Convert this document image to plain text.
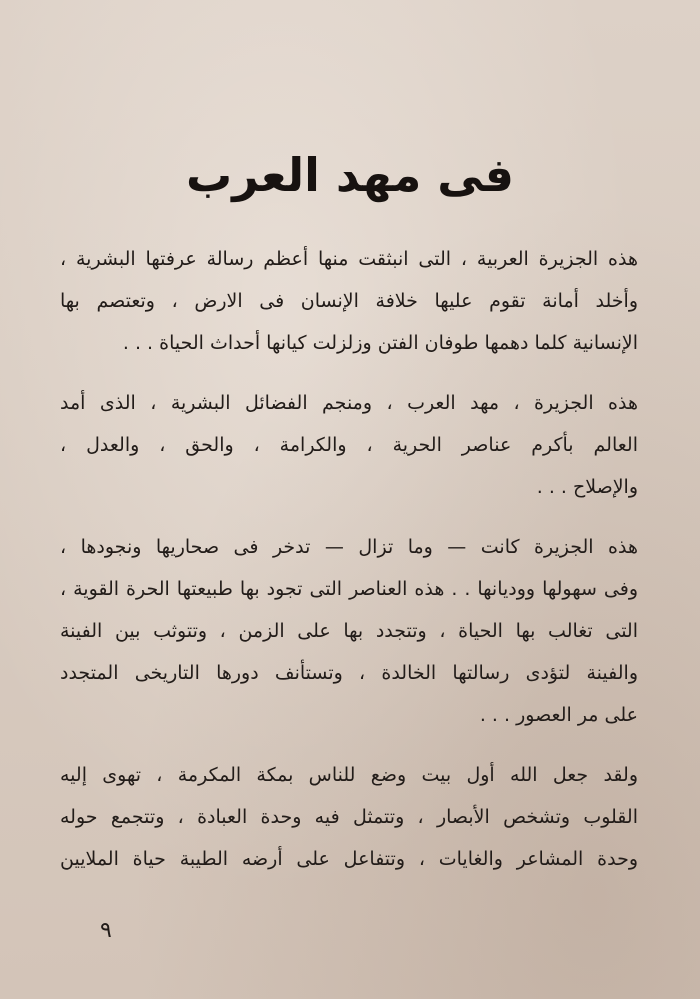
فى مهد العرب

هذه الجزيرة العربية ، التى انبثقت منها أعظم رسالة عرفتها البشرية ،
وأخلد أمانة تقوم عليها خلافة الإنسان فى الارض ، وتعتصم بها
الإنسانية كلما دهمها طوفان الفتن وزلزلت كيانها أحداث الحياة . . .

هذه الجزيرة ، مهد العرب ، ومنجم الفضائل البشرية ، الذى أمد
العالم بأكرم عناصر الحرية ، والكرامة ، والحق ، والعدل ،
والإصلاح . . .

هذه الجزيرة كانت — وما تزال — تدخر فى صحاريها ونجودها ،
وفى سهولها ووديانها . . هذه العناصر التى تجود بها طبيعتها الحرة القوية ،
التى تغالب بها الحياة ، وتتجدد بها على الزمن ، وتتوثب بين الفينة
والفينة لتؤدى رسالتها الخالدة ، وتستأنف دورها التاريخى المتجدد
على مر العصور . . .

ولقد جعل الله أول بيت وضع للناس بمكة المكرمة ، تهوى إليه
القلوب وتشخص الأبصار ، وتتمثل فيه وحدة العبادة ، وتتجمع حوله
وحدة المشاعر والغايات ، وتتفاعل على أرضه الطيبة حياة الملايين

٩
